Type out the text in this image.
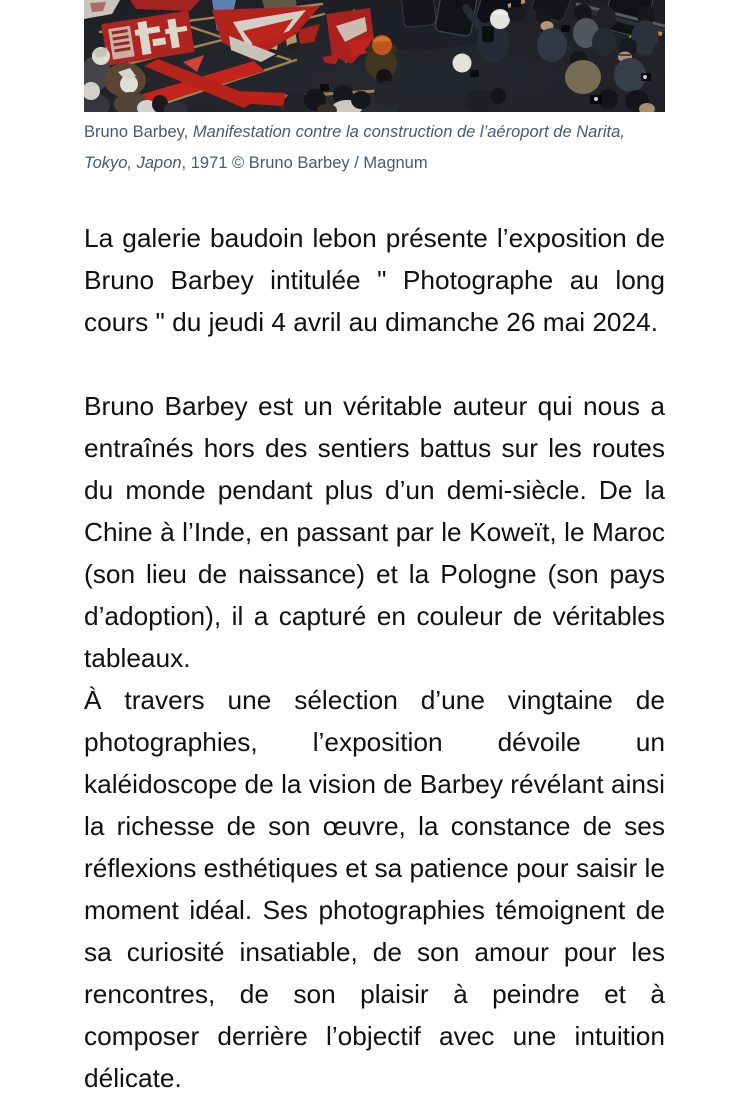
Bruno Barbey, Manifestation contre la construction de l’aéroport de Narita, Tokyo, Japon, 1971 © Bruno Barbey / Magnum

La galerie baudoin lebon présente l’exposition de Bruno Barbey intitulée " Photographe au long cours " du jeudi 4 avril au dimanche 26 mai 2024.

Bruno Barbey est un véritable auteur qui nous a entraînés hors des sentiers battus sur les routes du monde pendant plus d’un demi-siècle. De la Chine à l’Inde, en passant par le Koweït, le Maroc (son lieu de naissance) et la Pologne (son pays d’adoption), il a capturé en couleur de véritables tableaux.

À travers une sélection d’une vingtaine de photographies, l’exposition dévoile un kaléidoscope de la vision de Barbey révélant ainsi la richesse de son œuvre, la constance de ses réflexions esthétiques et sa patience pour saisir le moment idéal. Ses photographies témoignent de sa curiosité insatiable, de son amour pour les rencontres, de son plaisir à peindre et à composer derrière l’objectif avec une intuition délicate.
